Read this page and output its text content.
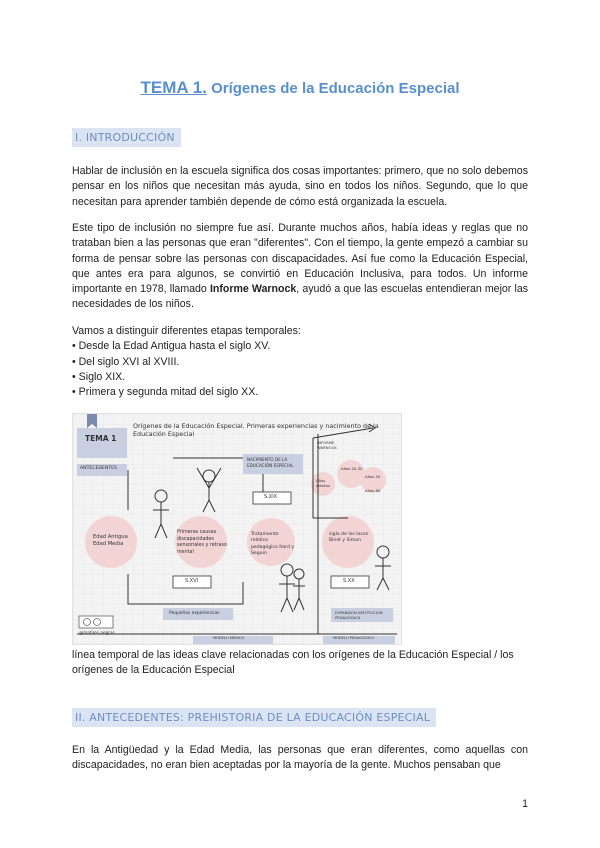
TEMA 1. Orígenes de la Educación Especial
I. INTRODUCCIÓN
Hablar de inclusión en la escuela significa dos cosas importantes: primero, que no solo debemos pensar en los niños que necesitan más ayuda, sino en todos los niños. Segundo, que lo que necesitan para aprender también depende de cómo está organizada la escuela.
Este tipo de inclusión no siempre fue así. Durante muchos años, había ideas y reglas que no trataban bien a las personas que eran "diferentes". Con el tiempo, la gente empezó a cambiar su forma de pensar sobre las personas con discapacidades. Así fue como la Educación Especial, que antes era para algunos, se convirtió en Educación Inclusiva, para todos. Un informe importante en 1978, llamado Informe Warnock, ayudó a que las escuelas entendieran mejor las necesidades de los niños.
Vamos a distinguir diferentes etapas temporales:
• Desde la Edad Antigua hasta el siglo XV.
• Del siglo XVI al XVIII.
• Siglo XIX.
• Primera y segunda mitad del siglo XX.
TEMA 1
Orígenes de la Educación Especial. Primeras experiencias y nacimiento de la Educación Especial
ANTECEDENTES
Edad Antigua Edad Media
Primeras causas discapacidades sensoriales y retraso mental
S.XVI
Pequeñas experiencias
NACIMIENTO DE LA EDUCACIÓN ESPECIAL
S.XIX
Tratamiento médico pedagógico Itard y Seguin
INFORME WARNOCK
Años adultos
Años 20-30
Años 50
Años 60
S.XX
siglo de los locos Binet y Simon
EXPANSIÓN INSTITUCIÓN PEDAGÓGICA
MODELO MÉDICO	MODELO PEDAGÓGICO
@matires.negras
línea temporal de las ideas clave relacionadas con los orígenes de la Educación Especial / los orígenes de la Educación Especial
II. ANTECEDENTES: PREHISTORIA DE LA EDUCACIÓN ESPECIAL
En la Antigüedad y la Edad Media, las personas que eran diferentes, como aquellas con discapacidades, no eran bien aceptadas por la mayoría de la gente. Muchos pensaban que
1
